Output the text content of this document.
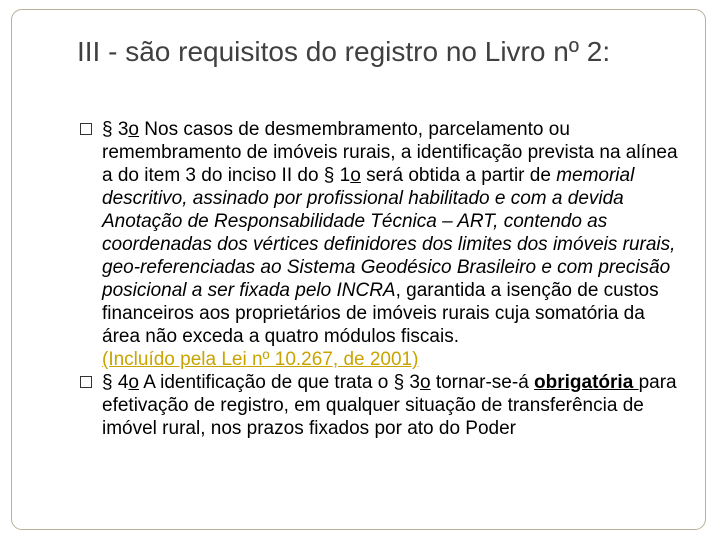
III - são requisitos do registro no Livro nº 2:
§ 3o Nos casos de desmembramento, parcelamento ou remembramento de imóveis rurais, a identificação prevista na alínea a do item 3 do inciso II do § 1o será obtida a partir de memorial descritivo, assinado por profissional habilitado e com a devida Anotação de Responsabilidade Técnica – ART, contendo as coordenadas dos vértices definidores dos limites dos imóveis rurais, geo-referenciadas ao Sistema Geodésico Brasileiro e com precisão posicional a ser fixada pelo INCRA, garantida a isenção de custos financeiros aos proprietários de imóveis rurais cuja somatória da área não exceda a quatro módulos fiscais.(Incluído pela Lei nº 10.267, de 2001)
§ 4o A identificação de que trata o § 3o tornar-se-á obrigatória para efetivação de registro, em qualquer situação de transferência de imóvel rural, nos prazos fixados por ato do Poder
